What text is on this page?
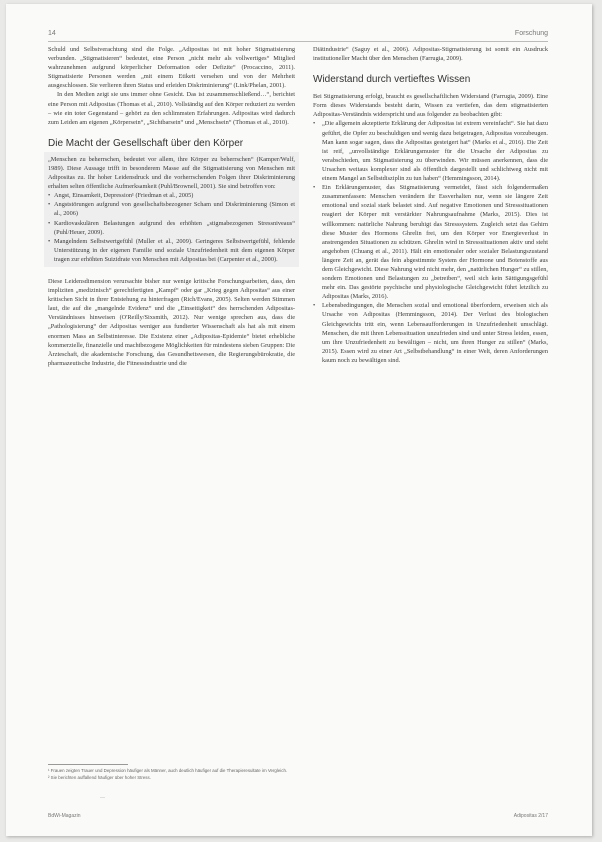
14	Forschung

Schuld und Selbstverachtung sind die Folge. „Adipositas ist mit hoher Stigmatisierung verbunden. „Stigmatisieren“ bedeutet, eine Person „nicht mehr als vollwertiges“ Mitglied wahrzunehmen aufgrund körperlicher Deformation oder Defizite“ (Procaccino, 2011). Stigmatisierte Personen werden „mit einem Etikett versehen und von der Mehrheit ausgeschlossen. Sie verlieren ihren Status und erleiden Diskriminierung“ (Link/Phelan, 2001).

In den Medien zeigt sie uns immer ohne Gesicht. Das ist zusammenschließend…“, berichtet eine Person mit Adipositas (Thomas et al., 2010). Vollständig auf den Körper reduziert zu werden – wie ein toter Gegenstand – gehört zu den schlimmsten Erfahrungen. Adipositas wird dadurch zum Leiden am eigenen „Körpersein“, „Sichtbarsein“ und „Menschsein“ (Thomas et al., 2010).

Die Macht der Gesellschaft über den Körper

„Menschen zu beherrschen, bedeutet vor allem, ihre Körper zu beherrschen“ (Kamper/Wulf, 1989). Diese Aussage trifft in besonderem Masse auf die Stigmatisierung von Menschen mit Adipositas zu. Ihr hoher Leidensdruck und die vorherrschenden Folgen ihrer Diskriminierung erhalten selten öffentliche Aufmerksamkeit (Puhl/Brownell, 2001). Sie sind betroffen von:

• Angst, Einsamkeit, Depression¹ (Friedman et al., 2005)
• Angststörungen aufgrund von gesellschaftsbezogener Scham und Diskriminierung (Simon et al., 2006)
• Kardiovaskulären Belastungen aufgrund des erhöhten „stigmabezogenen Stressniveaus“ (Puhl/Heuer, 2009).
• Mangelndem Selbstwertgefühl (Muller et al., 2009). Geringeres Selbstwertgefühl, fehlende Unterstützung in der eigenen Familie und soziale Unzufriedenheit mit dem eigenen Körper tragen zur erhöhten Suizidrate von Menschen mit Adipositas bei (Carpenter et al., 2000).

Diese Leidensdimension verursachte bisher nur wenige kritische Forschungsarbeiten, dass, den impliziten „medizinisch“ gerechtfertigten „Kampf“ oder gar „Krieg gegen Adipositas“ aus einer kritischen Sicht in ihrer Entstehung zu hinterfragen (Rich/Evans, 2005). Selten werden Stimmen laut, die auf die „mangelnde Evidenz“ und die „Einseitigkeit“ des herrschenden Adipositas-Verständnisses hinweisen (O'Reilly/Sixsmith, 2012). Nur wenige sprechen aus, dass die „Pathologisierung“ der Adipositas weniger aus fundierter Wissenschaft als hat als mit einem enormen Mass an Selbstinteresse. Die Existenz einer „Adipositas-Epidemie“ bietet erhebliche kommerzielle, finanzielle und machtbezogene Möglichkeiten für mindestens sieben Gruppen: Die Ärzteschaft, die akademische Forschung, das Gesundheitswesen, die Regierungsbürokratie, die pharmazeutische Industrie, die Fitnessindustrie und die

Diätindustrie“ (Saguy et al., 2006). Adipositas-Stigmatisierung ist somit ein Ausdruck institutioneller Macht über den Menschen (Farrugia, 2009).

Widerstand durch vertieftes Wissen

Bei Stigmatisierung erfolgt, braucht es gesellschaftlichen Widerstand (Farrugia, 2009). Eine Form dieses Widerstands besteht darin, Wissen zu vertiefen, das dem stigmatisierten Adipositas-Verständnis widerspricht und aus folgender zu beobachten gibt:

• „Die allgemein akzeptierte Erklärung der Adipositas ist extrem vereinfacht“. Sie hat dazu geführt, die Opfer zu beschuldigen und wenig dazu beigetragen, Adipositas vorzubeugen. Man kann sogar sagen, dass die Adipositas gesteigert hat“ (Marks et al., 2016). Die Zeit ist reif, „unvollständige Erklärungsmuster für die Ursache der Adipositas zu verabschieden, um Stigmatisierung zu überwinden. Wir müssen anerkennen, dass die Ursachen weitaus komplexer sind als öffentlich dargestellt und schlichtweg nicht mit einem Mangel an Selbstdisziplin zu tun haben“ (Hemmingsson, 2014).
• Ein Erklärungsmuster, das Stigmatisierung vermeidet, fässt sich folgendermaßen zusammenfassen: Menschen verändern ihr Essverhalten nur, wenn sie längere Zeit emotional und sozial stark belastet sind. Auf negative Emotionen und Stresssituationen reagiert der Körper mit verstärkter Nahrungsaufnahme (Marks, 2015). Dies ist willkommen: natürliche Nahrung beruhigt das Stresssystem. Zugleich setzt das Gehirn diese Muster des Hormons Ghrelin frei, um den Körper vor Energieverlust in anstrengenden Situationen zu schützen. Ghrelin wird in Stresssituationen aktiv und steht angehoben (Chuang et al., 2011). Hält ein emotionaler oder sozialer Belastungszustand längere Zeit an, gerät das fein abgestimmte System der Hormone und Botenstoffe aus dem Gleichgewicht. Diese Nahrung wird nicht mehr, den „natürlichen Hunger“ zu stillen, sondern Emotionen und Belastungen zu „betreiben“, weil sich kein Sättigungsgefühl mehr ein. Das gestörte psychische und physiologische Gleichgewicht führt letztlich zu Adipositas (Marks, 2016).
• Lebensbedingungen, die Menschen sozial und emotional überfordern, erweisen sich als Ursache von Adipositas (Hemmingsson, 2014). Der Verlust des biologischen Gleichgewichts tritt ein, wenn Lebensaufforderungen in Unzufriedenheit umschlägt. Menschen, die mit ihren Lebenssituation unzufrieden sind und unter Stress leiden, essen, um ihre Unzufriedenheit zu bewältigen – nicht, um ihren Hunger zu stillen“ (Marks, 2015). Essen wird zu einer Art „Selbstbehandlung“ in einer Welt, deren Anforderungen kaum noch zu bewältigen sind.
¹ Frauen zeigten Trauer und Depression häufiger als Männer, auch deutlich häufiger auf die Therapieresultate im Vergleich.
² Sie berichten auffallend häufiger über hoher Stress.
—
BdWi-Magazin	Adipositas 2/17
